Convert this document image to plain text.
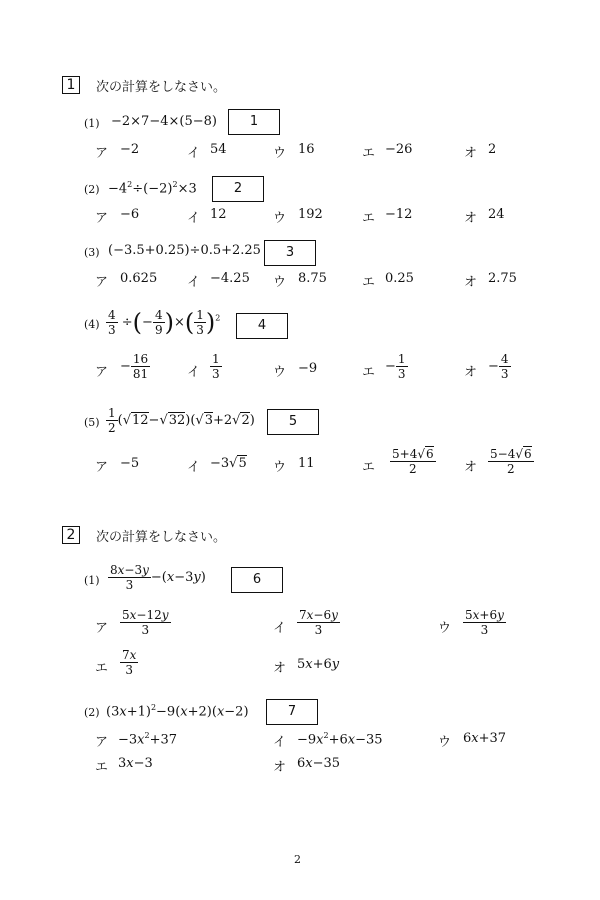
1	次の計算をしなさい。
(1) −2×7−4×(5−8)	1
ア −2	イ 54	ウ 16	エ −26	オ 2
$(2) -4^2\div(-2)^2\times 3$	2
ア −6	イ 12	ウ 192	エ −12	オ 24
(3) (−3.5+0.25)÷0.5+2.25	3
ア 0.625 イ −4.25 ウ 8.75	エ 0.25	オ 2.75
$(4) \frac{4}{3}$ ÷(− $\frac{4}{9}$ )×( $\frac{1}{3} )^2$	4
ア − $\frac{16}{81}$	イ $\frac{1}{3}$	ウ −9	エ − $\frac{1}{3}$	オ − $\frac{4}{3}$
$(5) \frac{1}{2} (√12-√32)(√3+2√2)$	5
ア −5	イ −3√5 ウ 11	エ $\frac{5+4√6}{2}$ オ $\frac{5-4√6}{2}$
2	次の計算をしなさい。
$(1) \frac{8x-3y}{3} -(x-3y)$	6
ア $\frac{5x-12y}{3}$	イ $\frac{7x-6y}{3}$	ウ $\frac{5x+6y}{3}$
エ $\frac{7x}{3}$	オ 5x+6y
(2) $(3x+1)^2-9(x+2)(x-2)$	7
ア $-3x^2+37$	イ $-9x^2+6x-35$	ウ 6x+37
エ 3x−3	オ 6x−35
2
